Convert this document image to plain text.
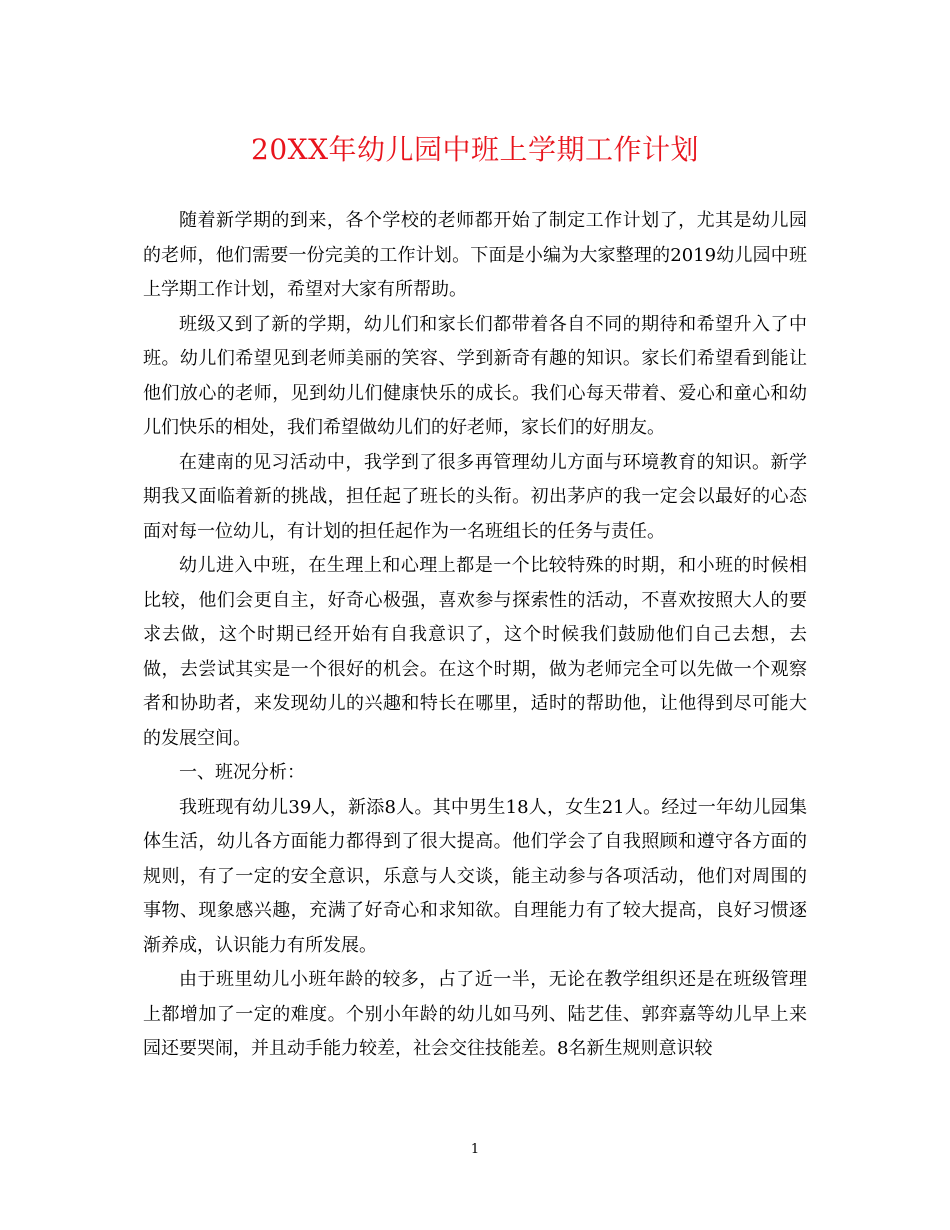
20XX年幼儿园中班上学期工作计划

随着新学期的到来，各个学校的老师都开始了制定工作计划了，尤其是幼儿园的老师，他们需要一份完美的工作计划。下面是小编为大家整理的2019幼儿园中班上学期工作计划，希望对大家有所帮助。

班级又到了新的学期，幼儿们和家长们都带着各自不同的期待和希望升入了中班。幼儿们希望见到老师美丽的笑容、学到新奇有趣的知识。家长们希望看到能让他们放心的老师，见到幼儿们健康快乐的成长。我们心每天带着、爱心和童心和幼儿们快乐的相处，我们希望做幼儿们的好老师，家长们的好朋友。

在建南的见习活动中，我学到了很多再管理幼儿方面与环境教育的知识。新学期我又面临着新的挑战，担任起了班长的头衔。初出茅庐的我一定会以最好的心态面对每一位幼儿，有计划的担任起作为一名班组长的任务与责任。

幼儿进入中班，在生理上和心理上都是一个比较特殊的时期，和小班的时候相比较，他们会更自主，好奇心极强，喜欢参与探索性的活动，不喜欢按照大人的要求去做，这个时期已经开始有自我意识了，这个时候我们鼓励他们自己去想，去做，去尝试其实是一个很好的机会。在这个时期，做为老师完全可以先做一个观察者和协助者，来发现幼儿的兴趣和特长在哪里，适时的帮助他，让他得到尽可能大的发展空间。

一、班况分析：

我班现有幼儿39人，新添8人。其中男生18人，女生21人。经过一年幼儿园集体生活，幼儿各方面能力都得到了很大提高。他们学会了自我照顾和遵守各方面的规则，有了一定的安全意识，乐意与人交谈，能主动参与各项活动，他们对周围的事物、现象感兴趣，充满了好奇心和求知欲。自理能力有了较大提高，良好习惯逐渐养成，认识能力有所发展。

由于班里幼儿小班年龄的较多，占了近一半，无论在教学组织还是在班级管理上都增加了一定的难度。个别小年龄的幼儿如马列、陆艺佳、郭弈嘉等幼儿早上来园还要哭闹，并且动手能力较差，社会交往技能差。8名新生规则意识较

1
